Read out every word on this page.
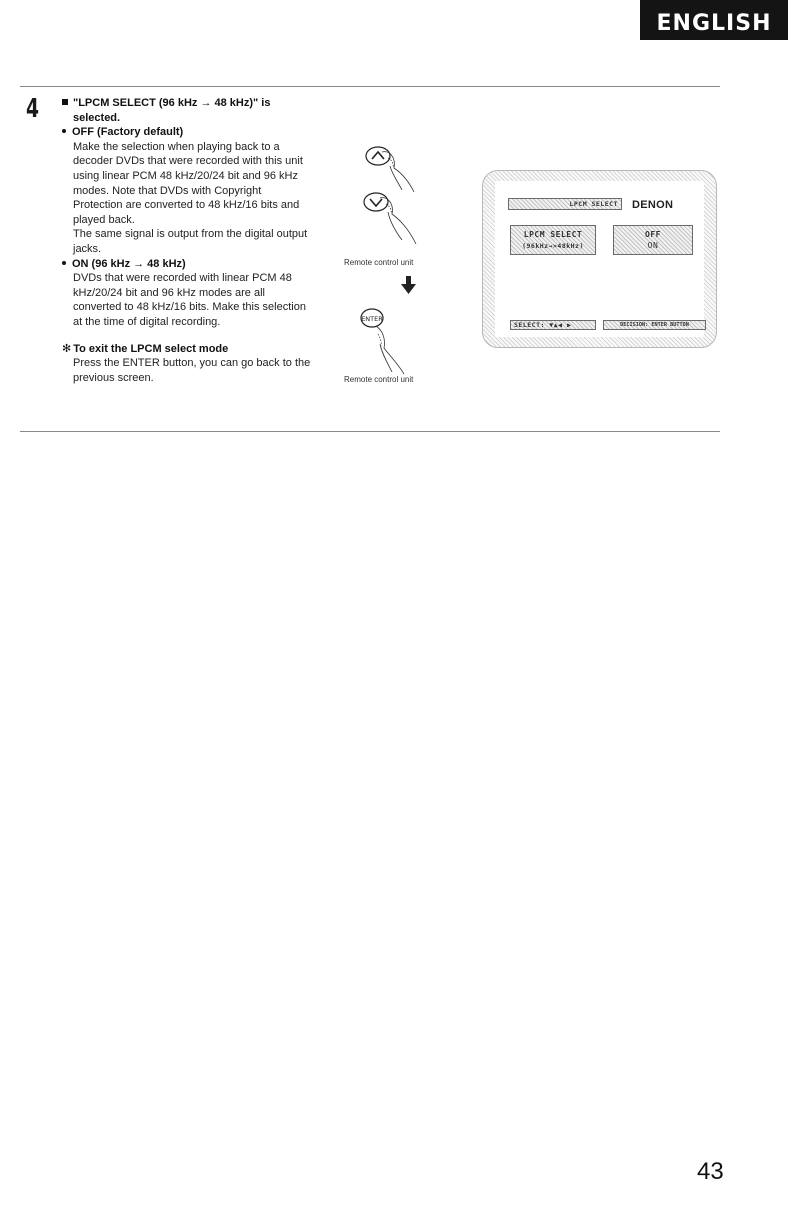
ENGLISH
4	"LPCM SELECT (96 kHz → 48 kHz)" is
selected.
OFF (Factory default)

Make the selection when playing back to a
decoder DVDs that were recorded with this unit
using linear PCM 48 kHz/20/24 bit and 96 kHz
modes. Note that DVDs with Copyright
Protection are converted to 48 kHz/16 bits and
played back.
The same signal is output from the digital output
jacks.

ON (96 kHz → 48 kHz)

DVDs that were recorded with linear PCM 48
kHz/20/24 bit and 96 kHz modes are all
converted to 48 kHz/16 bits. Make this selection
at the time of digital recording.

✻ To exit the LPCM select mode

Press the ENTER button, you can go back to the
previous screen.

ENTER
Remote control unit
Remote control unit
LPCM SELECT	DENON
LPCM SELECT
(96kHz→>48kHz)
OFF
ON
SELECT: ▼▲◀ ▶	DECISION: ENTER BUTTON
43
